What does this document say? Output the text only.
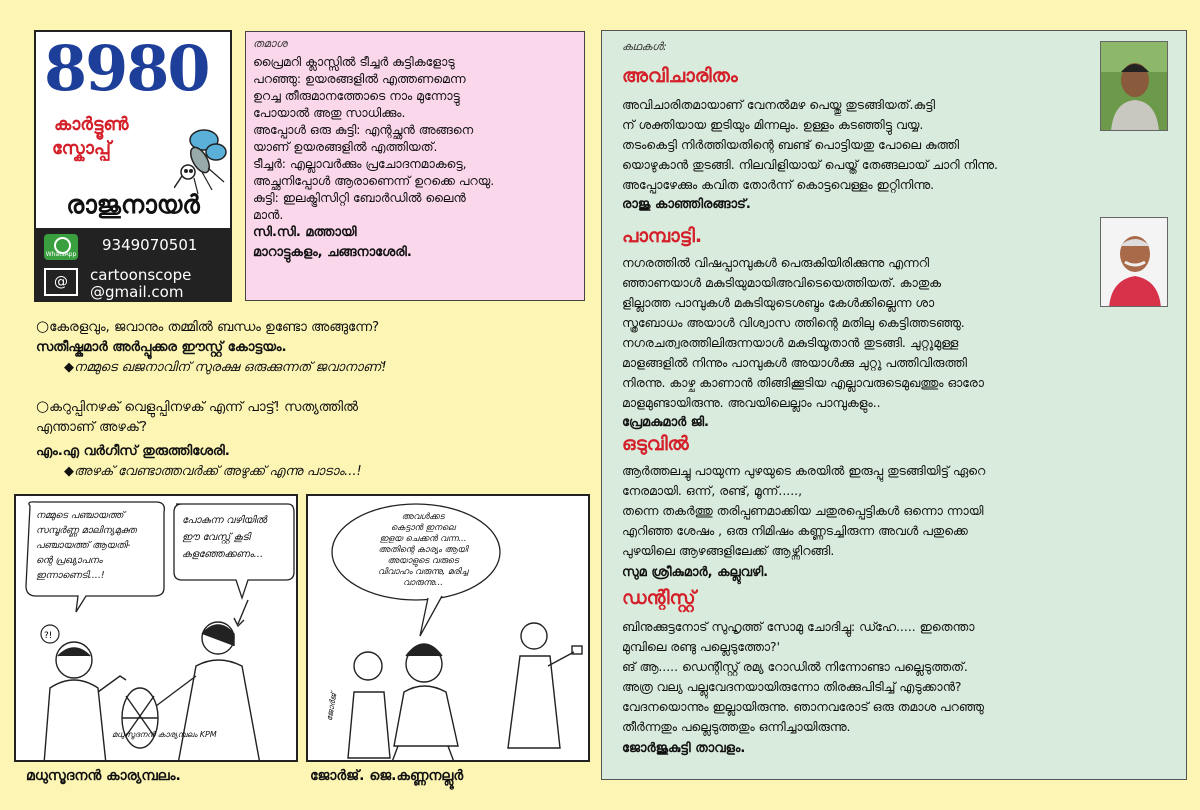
8980
കാർട്ടൂൺ
സ്കോപ്പ്
രാജുനായർ
WhatsApp
9349070501
@	cartoonscope
@gmail.com
തമാശ

പ്രൈമറി ക്ലാസ്സിൽ ടീച്ചർ കുട്ടികളോടു

പറഞ്ഞു: ഉയരങ്ങളിൽ എത്തണമെന്ന

ഉറച്ച തീരുമാനത്തോടെ നാം മുന്നോട്ടു

പോയാൽ അതു സാധിക്കും.

അപ്പോൾ ഒരു കുട്ടി: എന്റച്ഛൻ അങ്ങനെ

യാണ് ഉയരങ്ങളിൽ എത്തിയത്.

ടീച്ചർ: എല്ലാവർക്കും പ്രചോദനമാകട്ടെ,

അച്ഛനിപ്പോൾ ആരാണെന്ന് ഉറക്കെ പറയു.

കുട്ടി: ഇലക്ട്രിസിറ്റി ബോർഡിൽ ലൈൻ

മാൻ.

സി.സി. മത്തായി
മാറാട്ടുകളം, ചങ്ങനാശേരി.
○കേരളവും, ജവാനും തമ്മിൽ ബന്ധം ഉണ്ടോ അങ്ങുന്നേ?
സതീഷ്കുമാർ അർപ്പൂക്കര ഈസ്റ്റ് കോട്ടയം.
◆നമ്മുടെ ഖജനാവിന് സുരക്ഷ ഒരുക്കുന്നത് ജവാനാണ്!
○കറുപ്പിനഴക് വെളുപ്പിനഴക് എന്ന് പാട്ട്! സത്യത്തിൽ
എന്താണ് അഴക്?
എം.എ വർഗീസ് തുരുത്തിശേരി.
◆അഴക് വേണ്ടാത്തവർക്ക് അഴുക്ക് എന്നു പാടാം...!
?!
നമ്മുടെ പഞ്ചായത്ത്
സമ്പൂർണ്ണ മാലിന്യമുക്ത
പഞ്ചായത്ത് ആയതി-
ന്റെ പ്രഖ്യാപനം
ഇന്നാണെടി....!
പോകുന്ന വഴിയിൽ
ഈ വേസ്റ്റ് കൂടി
കളഞ്ഞേക്കണം...
മധുസൂദനൻ കാര്യമ്പലം KPM
മധുസൂദനൻ കാര്യമ്പലം.
അവൾക്കട
കെട്ടാൻ ഇനലെ
ഇളയ ചെക്കൻ വന്ന...
അതിന്റെ കാര്യം ആയി
അയാളുടെ വരുടെ
വിവാഹം വരുന്നു, മരിച്ച
വാരുന്നു...
ജോർജ്
ജോർജ്. ജെ.കണ്ണനല്ലൂർ
കഥകൾ:
അവിചാരിതം
അവിചാരിതമായാണ് വേനൽമഴ പെയ്തു തുടങ്ങിയത്.കുട്ടി
ന് ശക്തിയായ ഇടിയും മിന്നലും. ഉള്ളം കടഞ്ഞിട്ടു വയ്യ.
തടംകെട്ടി നിർത്തിയതിന്റെ ബണ്ട് പൊട്ടിയതു പോലെ കുത്തി
യൊഴുകാൻ തുടങ്ങി. നിലവിളിയായ് പെയ്ത് തേങ്ങലായ് ചാറി നിന്നു.
അപ്പോഴേക്കും കവിത തോർന്ന് കൊട്ടവെള്ളം ഇറ്റിനിന്നു.
രാജു കാഞ്ഞിരങ്ങാട്.
പാമ്പാട്ടി.
നഗരത്തിൽ വിഷപ്പാമ്പുകൾ പെരുകിയിരിക്കുന്നു എന്നറി
ഞ്ഞാണയാൾ മകുടിയുമായിഅവിടെയെത്തിയത്. കാതുക
ളില്ലാത്ത പാമ്പുകൾ മകുടിയുടെശബ്ദം കേൾക്കില്ലെന്ന ശാ
സ്ത്രബോധം അയാൾ വിശ്വാസ ത്തിന്റെ മതിലു കെട്ടിത്തടഞ്ഞു.
നഗരചത്വരത്തിലിരുന്നയാൾ മകുടിയൂതാൻ തുടങ്ങി. ചുറ്റുമുള്ള
മാളങ്ങളിൽ നിന്നും പാമ്പുകൾ അയാൾക്കു ചുറ്റു പത്തിവിരുത്തി
നിരന്നു. കാഴ്ച കാണാൻ തിങ്ങിക്കൂടിയ എല്ലാവരുടെമുഖത്തും ഓരോ
മാളമുണ്ടായിരുന്നു. അവയിലെല്ലാം പാമ്പുകളും..
പ്രേമകുമാർ ജി.
ഒടുവിൽ
ആർത്തലച്ചു പായുന്ന പുഴയുടെ കരയിൽ ഇരുപ്പു തുടങ്ങിയിട്ട് ഏറെ
നേരമായി. ഒന്ന്, രണ്ട്, മൂന്ന്.....,
തന്നെ തകർത്തു തരിപ്പണമാക്കിയ ചതുരപ്പെട്ടികൾ ഒന്നൊ ന്നായി
എറിഞ്ഞ ശേഷം , ഒരു നിമിഷം കണ്ണടച്ചിരുന്ന അവൾ പതുക്കെ
പുഴയിലെ ആഴങ്ങളിലേക്ക് ആഴ്ന്നിറങ്ങി.
സുമ ശ്രീകുമാർ, കല്ലുവഴി.
ഡന്റിസ്റ്റ്
ബിനുക്കുട്ടനോട് സുഹൃത്ത് സോമു ചോദിച്ചു: ഡ്ഹേ..... ഇതെന്താ
മുമ്പിലെ രണ്ടു പല്ലെടുത്തോ?'
ങ് ആ..... ഡെന്റിസ്റ്റ് രമ്യ റോഡിൽ നിന്നോണ്ടാ പല്ലെടുത്തത്.
അത്ര വല്യ പല്ലുവേദനയായിരുന്നോ തിരക്കുപിടിച്ച് എടുക്കാൻ?
വേദനയൊന്നും ഇല്ലായിരുന്നു. ഞാനവരോട് ഒരു തമാശ പറഞ്ഞു
തീർന്നതും പല്ലെടുത്തതും ഒന്നിച്ചായിരുന്നു.
ജോർജുകുട്ടി താവളം.
